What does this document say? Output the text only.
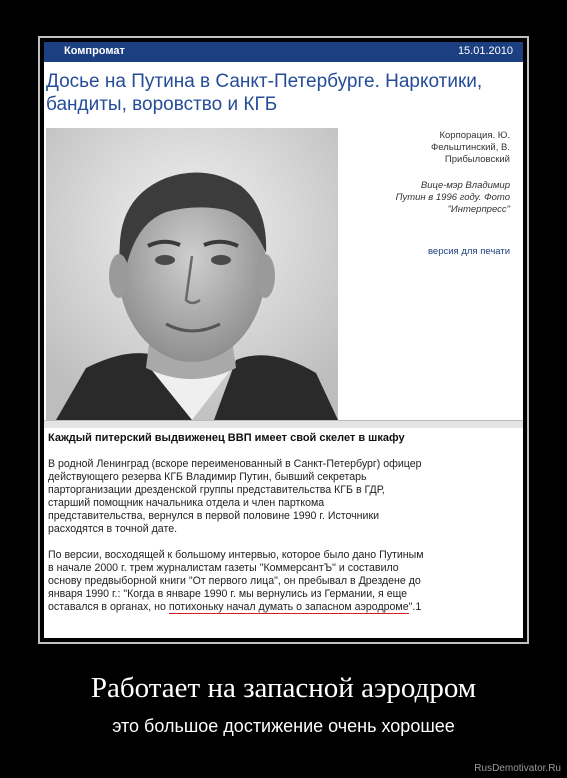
Компромат	15.01.2010
Досье на Путина в Санкт-Петербурге. Наркотики,
бандиты, воровство и КГБ
Корпорация. Ю.
Фельштинский, В.
Прибыловский
Вице-мэр Владимир
Путин в 1996 году. Фото
"Интерпресс"
версия для печати
Каждый питерский выдвиженец ВВП имеет свой скелет в шкафу

В родной Ленинград (вскоре переименованный в Санкт-Петербург) офицер
действующего резерва КГБ Владимир Путин, бывший секретарь
парторганизации дрезденской группы представительства КГБ в ГДР,
старший помощник начальника отдела и член парткома
представительства, вернулся в первой половине 1990 г. Источники
расходятся в точной дате.

По версии, восходящей к большому интервью, которое было дано Путиным
в начале 2000 г. трем журналистам газеты "КоммерсантЪ" и составило
основу предвыборной книги "От первого лица", он пребывал в Дрездене до
января 1990 г.: "Когда в январе 1990 г. мы вернулись из Германии, я еще
оставался в органах, но потихоньку начал думать о запасном аэродроме".1

Работает на запасной аэродром
это большое достижение очень хорошее
RusDemotivator.Ru
